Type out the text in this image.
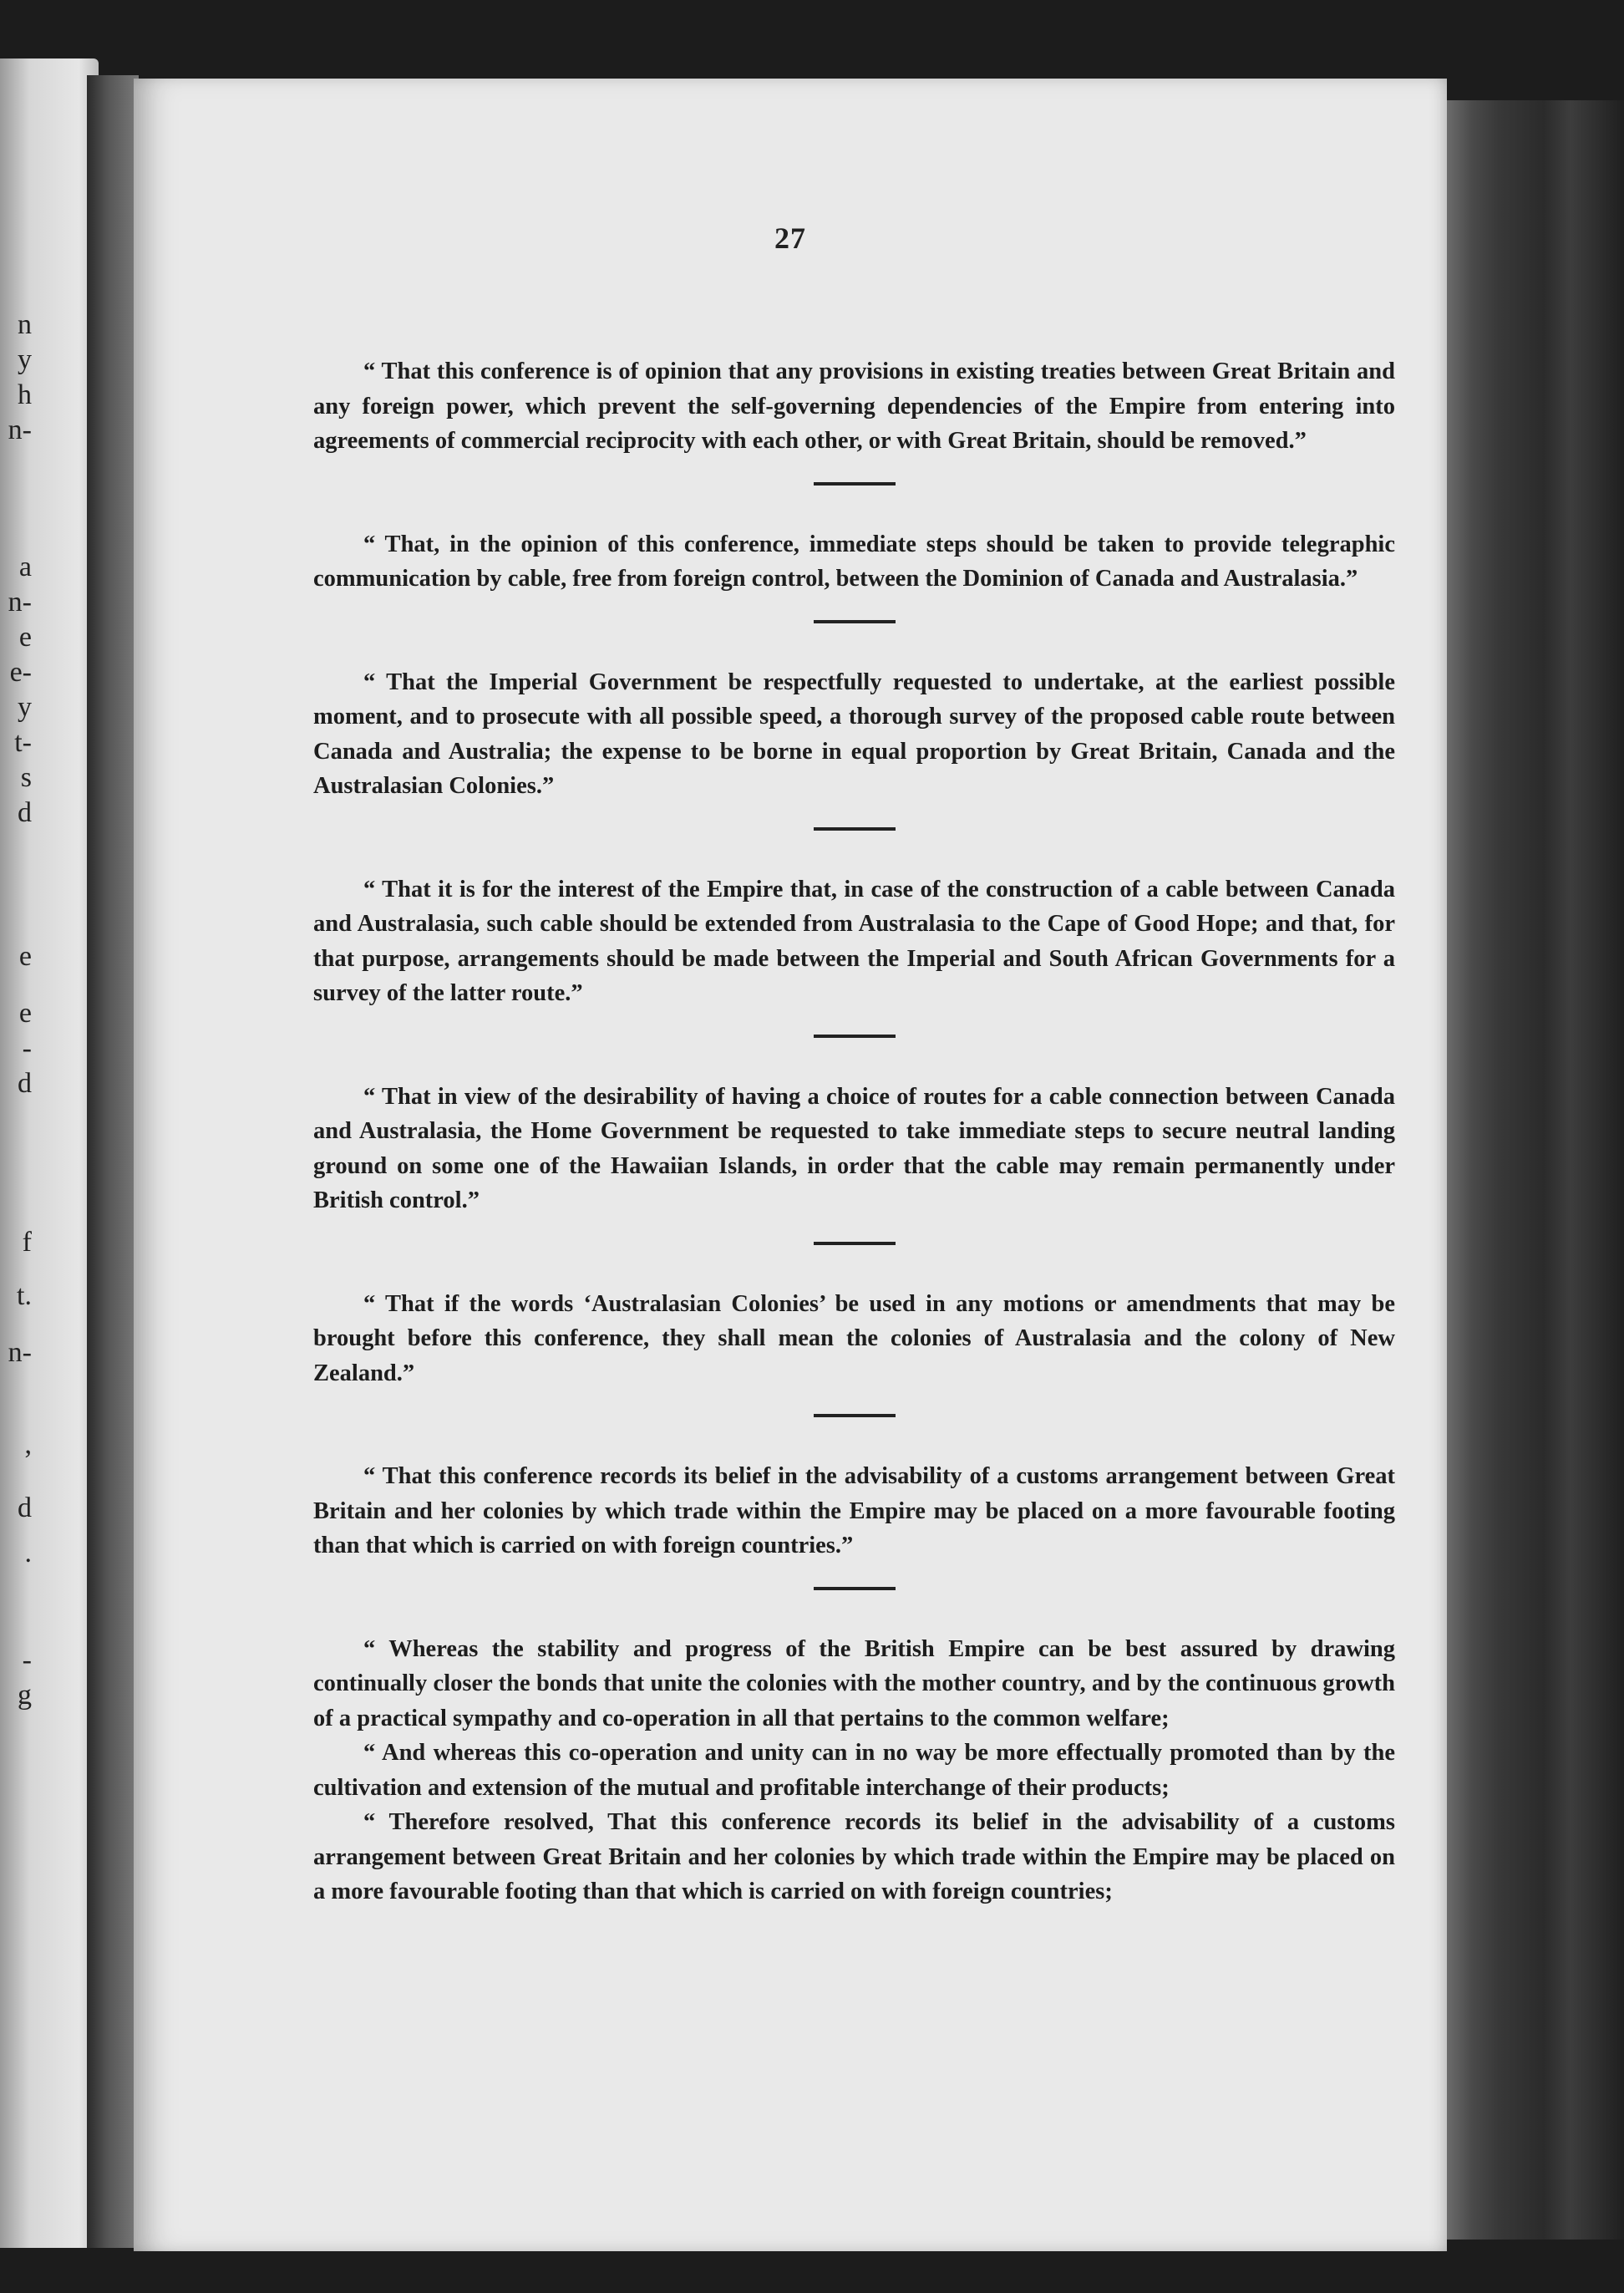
n
y
h
n-
a
n-
e
e-
y
t-
s
d
e
e
-
d
f
t.
n-
,
d
.
-
g
27

“ That this conference is of opinion that any provisions in existing treaties between Great Britain and any foreign power, which prevent the self-governing dependencies of the Empire from entering into agreements of commercial reciprocity with each other, or with Great Britain, should be removed.”

“ That, in the opinion of this conference, immediate steps should be taken to provide telegraphic communication by cable, free from foreign control, between the Dominion of Canada and Australasia.”

“ That the Imperial Government be respectfully requested to undertake, at the earliest possible moment, and to prosecute with all possible speed, a thorough survey of the proposed cable route between Canada and Australia; the expense to be borne in equal proportion by Great Britain, Canada and the Australasian Colonies.”

“ That it is for the interest of the Empire that, in case of the construction of a cable between Canada and Australasia, such cable should be extended from Australasia to the Cape of Good Hope; and that, for that purpose, arrangements should be made between the Imperial and South African Governments for a survey of the latter route.”

“ That in view of the desirability of having a choice of routes for a cable connection between Canada and Australasia, the Home Government be requested to take immediate steps to secure neutral landing ground on some one of the Hawaiian Islands, in order that the cable may remain permanently under British control.”

“ That if the words ‘Australasian Colonies’ be used in any motions or amendments that may be brought before this conference, they shall mean the colonies of Australasia and the colony of New Zealand.”

“ That this conference records its belief in the advisability of a customs arrangement between Great Britain and her colonies by which trade within the Empire may be placed on a more favourable footing than that which is carried on with foreign countries.”

“ Whereas the stability and progress of the British Empire can be best assured by drawing continually closer the bonds that unite the colonies with the mother country, and by the continuous growth of a practical sympathy and co-operation in all that pertains to the common welfare;

“ And whereas this co-operation and unity can in no way be more effectually promoted than by the cultivation and extension of the mutual and profitable interchange of their products;

“ Therefore resolved, That this conference records its belief in the advisability of a customs arrangement between Great Britain and her colonies by which trade within the Empire may be placed on a more favourable footing than that which is carried on with foreign countries;
